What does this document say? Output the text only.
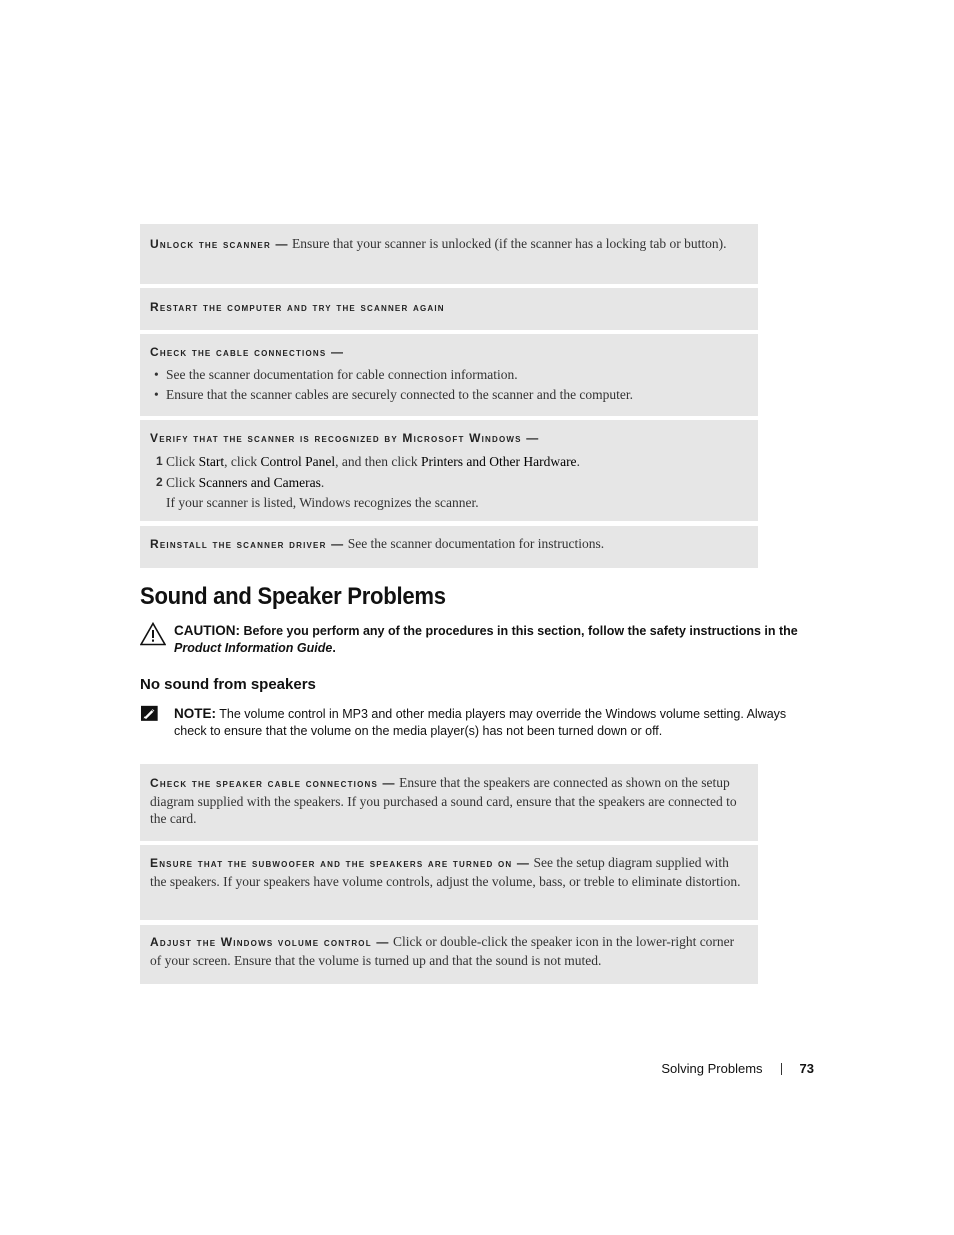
Unlock the scanner — Ensure that your scanner is unlocked (if the scanner has a locking tab or button).
Restart the computer and try the scanner again
Check the cable connections —
• See the scanner documentation for cable connection information.
• Ensure that the scanner cables are securely connected to the scanner and the computer.
Verify that the scanner is recognized by Microsoft Windows —
1 Click Start, click Control Panel, and then click Printers and Other Hardware.
2 Click Scanners and Cameras.
If your scanner is listed, Windows recognizes the scanner.
Reinstall the scanner driver — See the scanner documentation for instructions.
Sound and Speaker Problems
CAUTION: Before you perform any of the procedures in this section, follow the safety instructions in the Product Information Guide.
No sound from speakers
NOTE: The volume control in MP3 and other media players may override the Windows volume setting. Always check to ensure that the volume on the media player(s) has not been turned down or off.
Check the speaker cable connections — Ensure that the speakers are connected as shown on the setup diagram supplied with the speakers. If you purchased a sound card, ensure that the speakers are connected to the card.
Ensure that the subwoofer and the speakers are turned on — See the setup diagram supplied with the speakers. If your speakers have volume controls, adjust the volume, bass, or treble to eliminate distortion.
Adjust the Windows volume control — Click or double-click the speaker icon in the lower-right corner of your screen. Ensure that the volume is turned up and that the sound is not muted.
Solving Problems	73
